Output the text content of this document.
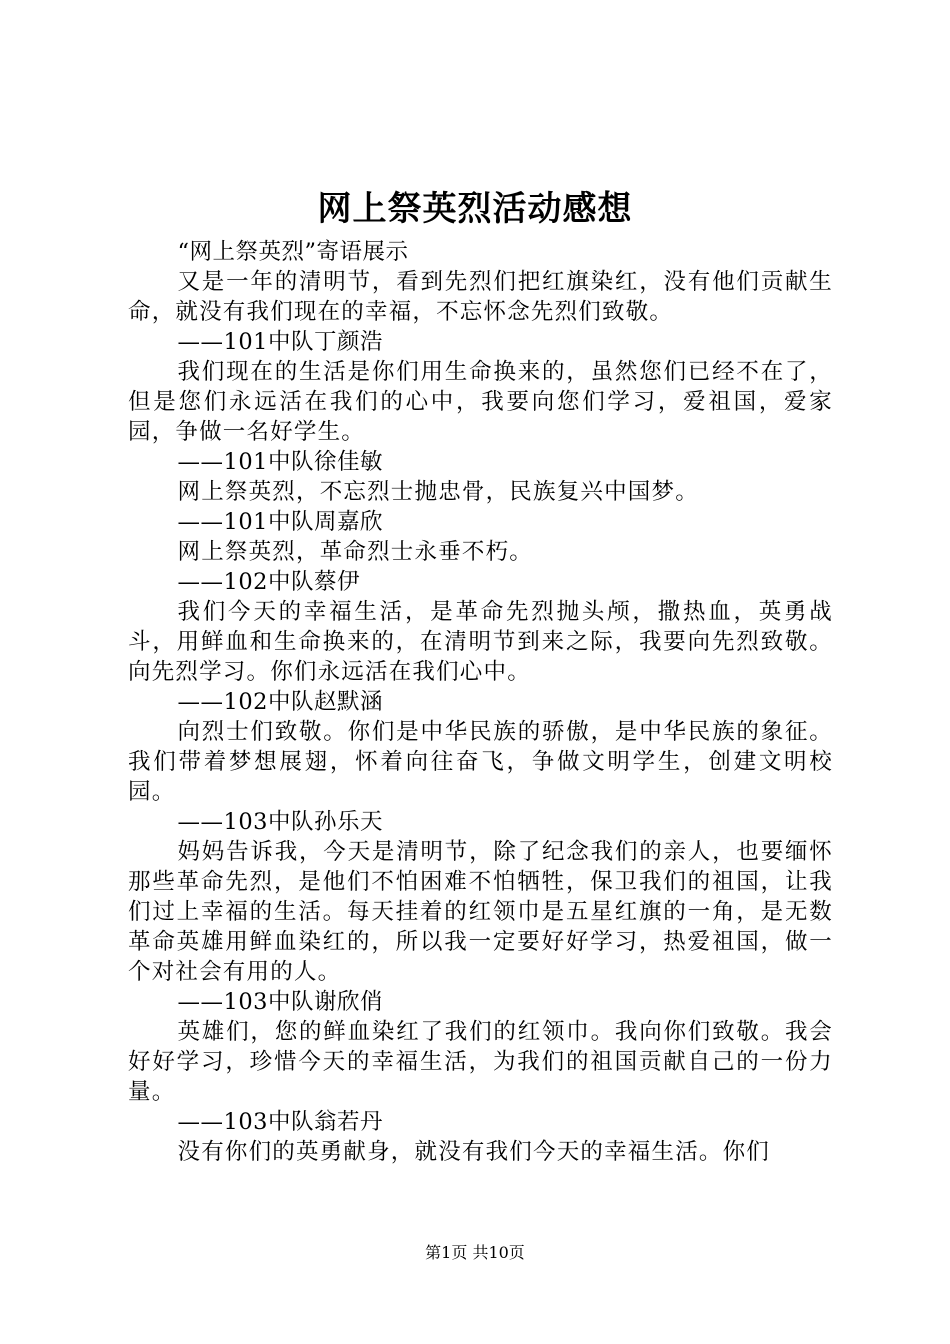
网上祭英烈活动感想

“网上祭英烈”寄语展示

又是一年的清明节，看到先烈们把红旗染红，没有他们贡献生命，就没有我们现在的幸福，不忘怀念先烈们致敬。

——101中队丁颜浩

我们现在的生活是你们用生命换来的，虽然您们已经不在了，但是您们永远活在我们的心中，我要向您们学习，爱祖国，爱家园，争做一名好学生。

——101中队徐佳敏

网上祭英烈，不忘烈士抛忠骨，民族复兴中国梦。

——101中队周嘉欣

网上祭英烈，革命烈士永垂不朽。

——102中队蔡伊

我们今天的幸福生活，是革命先烈抛头颅，撒热血，英勇战斗，用鲜血和生命换来的，在清明节到来之际，我要向先烈致敬。向先烈学习。你们永远活在我们心中。

——102中队赵默涵

向烈士们致敬。你们是中华民族的骄傲，是中华民族的象征。我们带着梦想展翅，怀着向往奋飞，争做文明学生，创建文明校园。

——103中队孙乐天

妈妈告诉我，今天是清明节，除了纪念我们的亲人，也要缅怀那些革命先烈，是他们不怕困难不怕牺牲，保卫我们的祖国，让我们过上幸福的生活。每天挂着的红领巾是五星红旗的一角，是无数革命英雄用鲜血染红的，所以我一定要好好学习，热爱祖国，做一个对社会有用的人。

——103中队谢欣俏

英雄们，您的鲜血染红了我们的红领巾。我向你们致敬。我会好好学习，珍惜今天的幸福生活，为我们的祖国贡献自己的一份力量。

——103中队翁若丹

没有你们的英勇献身，就没有我们今天的幸福生活。你们

第1页 共10页
